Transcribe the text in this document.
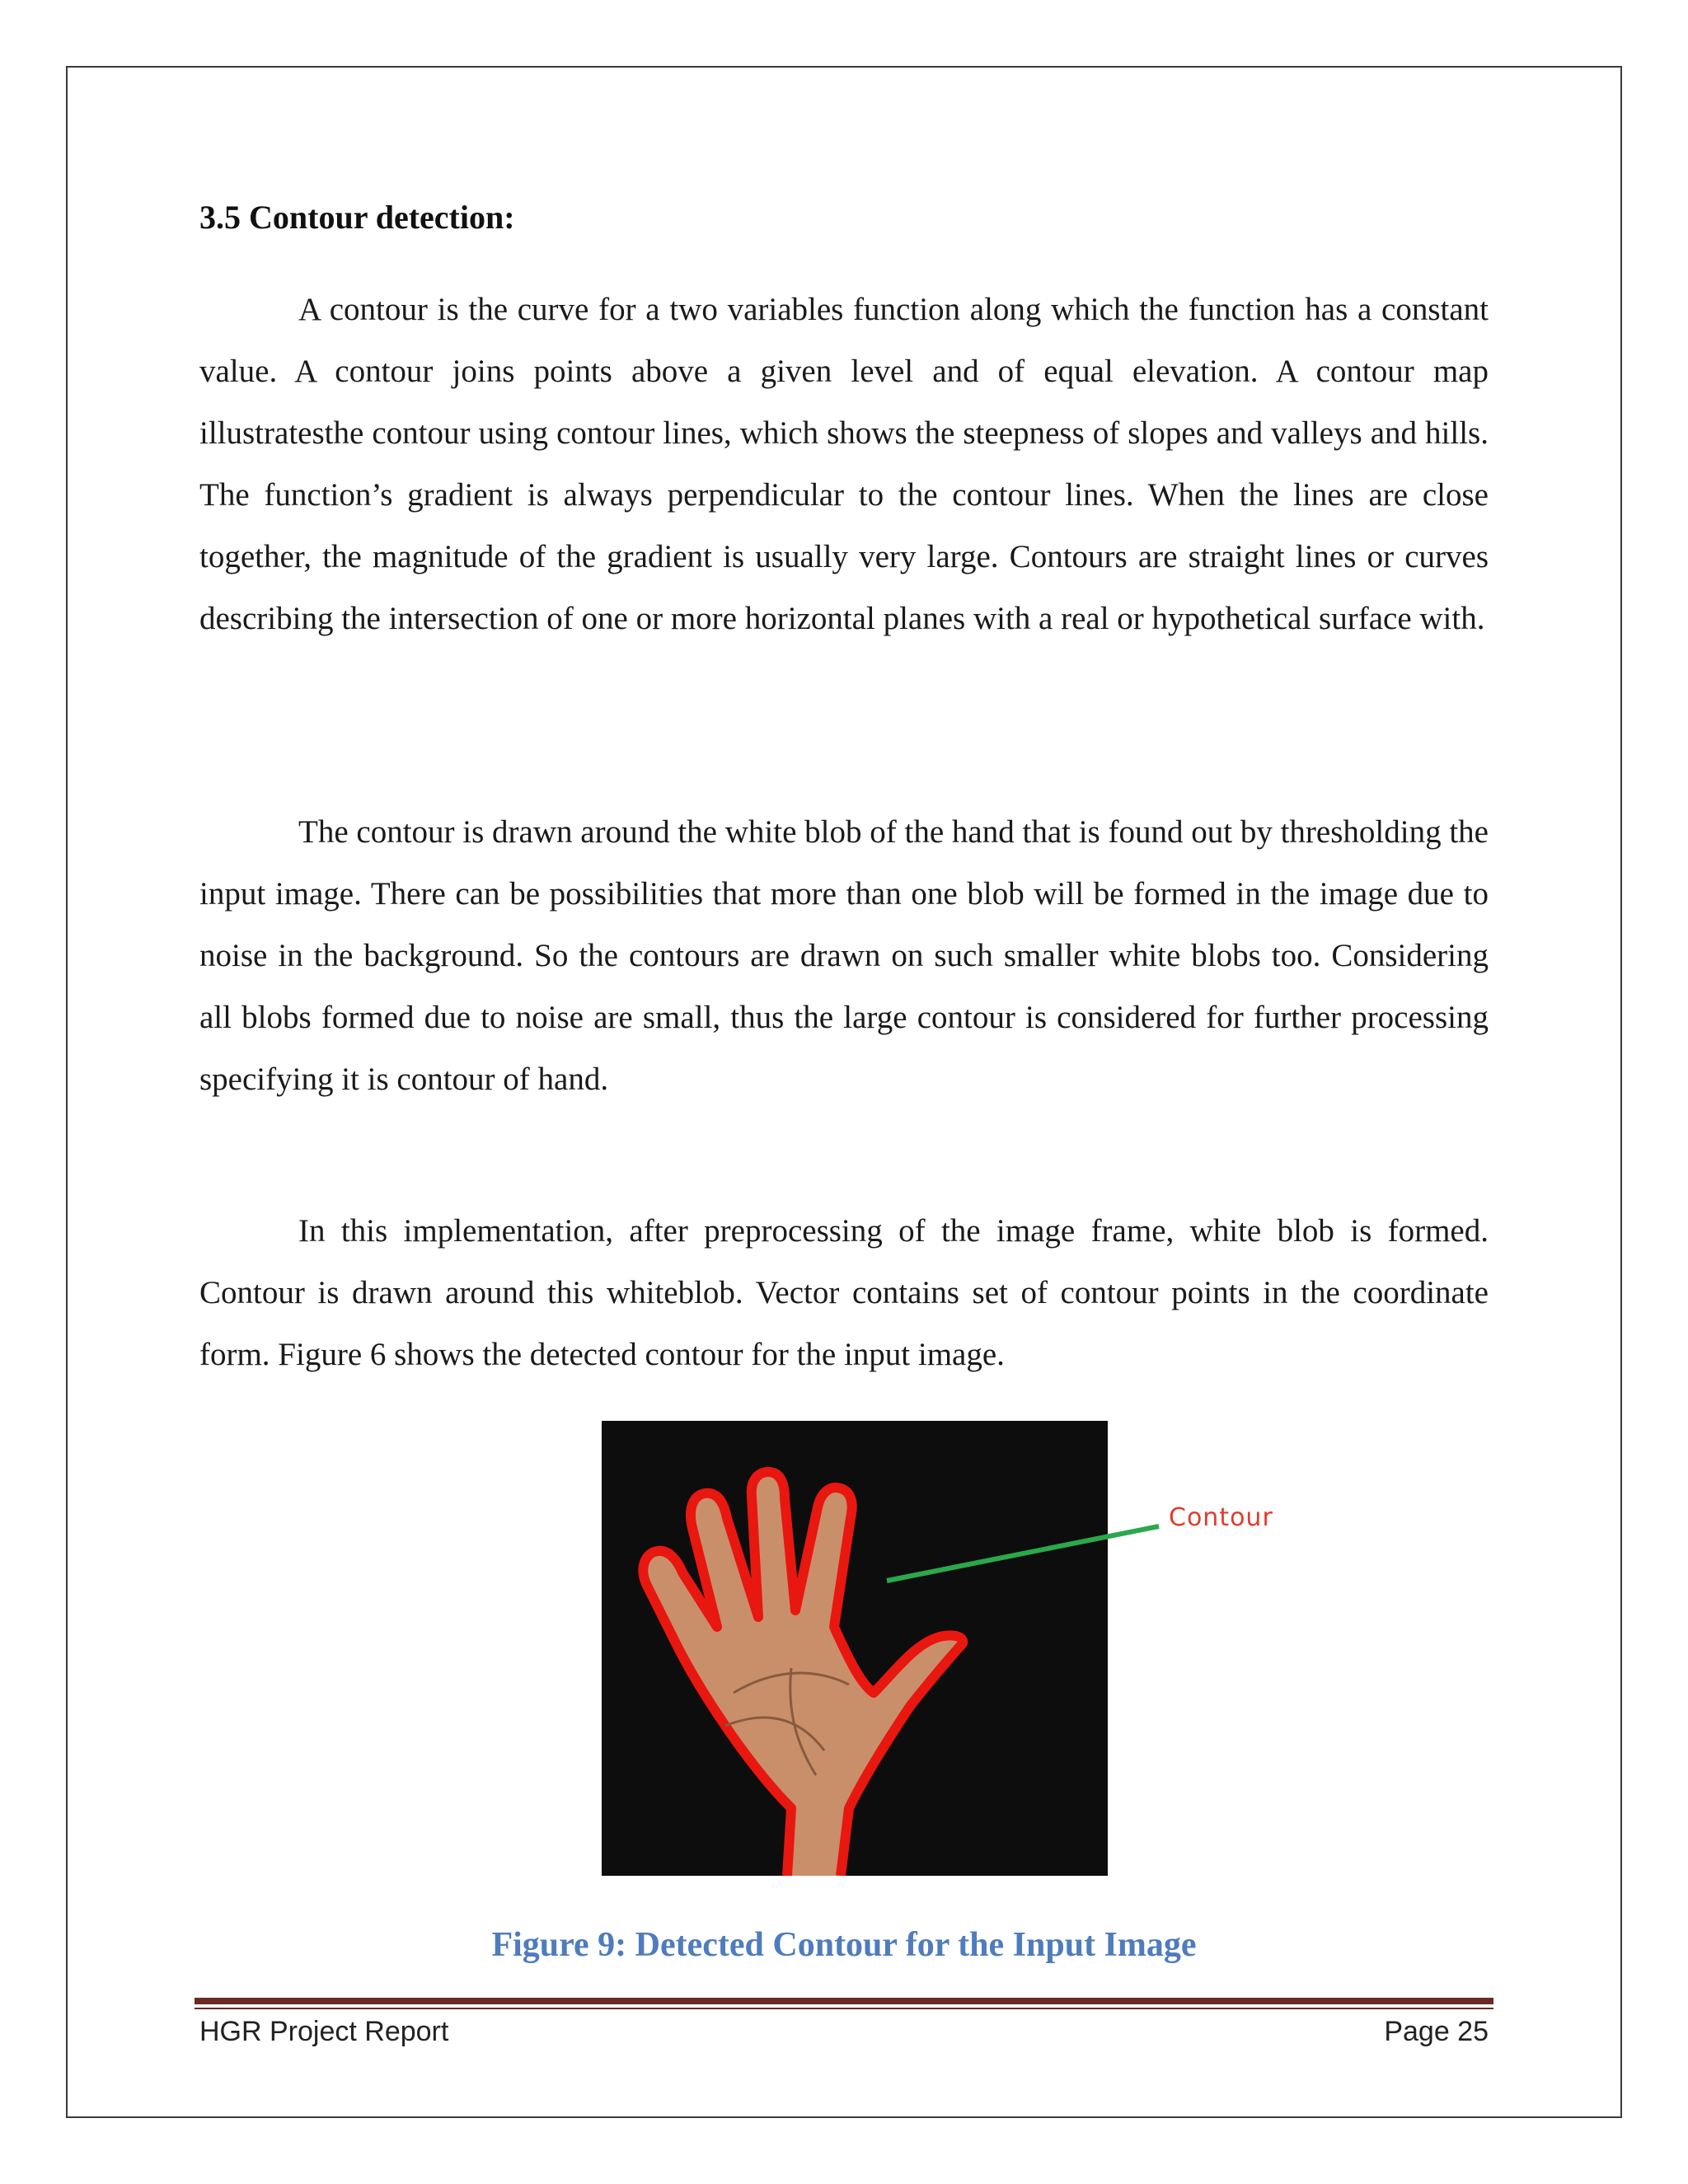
3.5 Contour detection:

A contour is the curve for a two variables function along which the function has a constant value. A contour joins points above a given level and of equal elevation. A contour map illustratesthe contour using contour lines, which shows the steepness of slopes and valleys and hills. The function’s gradient is always perpendicular to the contour lines. When the lines are close together, the magnitude of the gradient is usually very large. Contours are straight lines or curves describing the intersection of one or more horizontal planes with a real or hypothetical surface with.

The contour is drawn around the white blob of the hand that is found out by thresholding the input image. There can be possibilities that more than one blob will be formed in the image due to noise in the background. So the contours are drawn on such smaller white blobs too. Considering all blobs formed due to noise are small, thus the large contour is considered for further processing specifying it is contour of hand.

In this implementation, after preprocessing of the image frame, white blob is formed. Contour is drawn around this whiteblob. Vector contains set of contour points in the coordinate form. Figure 6 shows the detected contour for the input image.

Contour
Figure 9: Detected Contour for the Input Image
HGR Project Report	Page 25
